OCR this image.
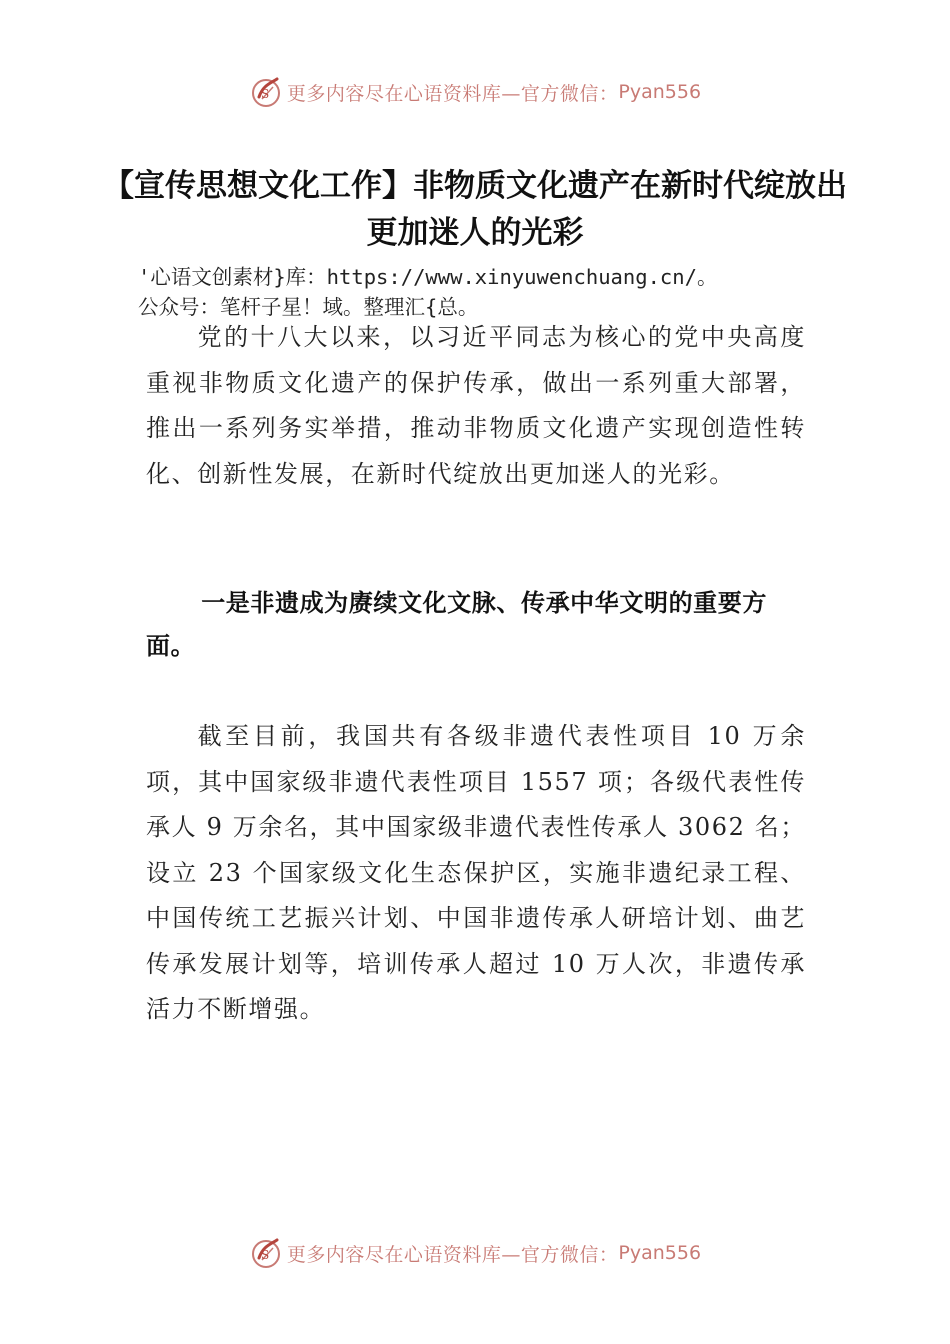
S 更多内容尽在心语资料库—官方微信： Pyan556
【宣传思想文化工作】非物质文化遗产在新时代绽放出更加迷人的光彩
'心语文创素材}库：https://www.xinyuwenchuang.cn/。
公众号：笔杆子星！域。整理汇{总。

党的十八大以来，以习近平同志为核心的党中央高度重视非物质文化遗产的保护传承，做出一系列重大部署，推出一系列务实举措，推动非物质文化遗产实现创造性转化、创新性发展，在新时代绽放出更加迷人的光彩。

一是非遗成为赓续文化文脉、传承中华文明的重要方面。

截至目前，我国共有各级非遗代表性项目 10 万余项，其中国家级非遗代表性项目 1557 项；各级代表性传承人 9 万余名，其中国家级非遗代表性传承人 3062 名；设立 23 个国家级文化生态保护区，实施非遗纪录工程、中国传统工艺振兴计划、中国非遗传承人研培计划、曲艺传承发展计划等，培训传承人超过 10 万人次，非遗传承活力不断增强。

S 更多内容尽在心语资料库—官方微信： Pyan556
